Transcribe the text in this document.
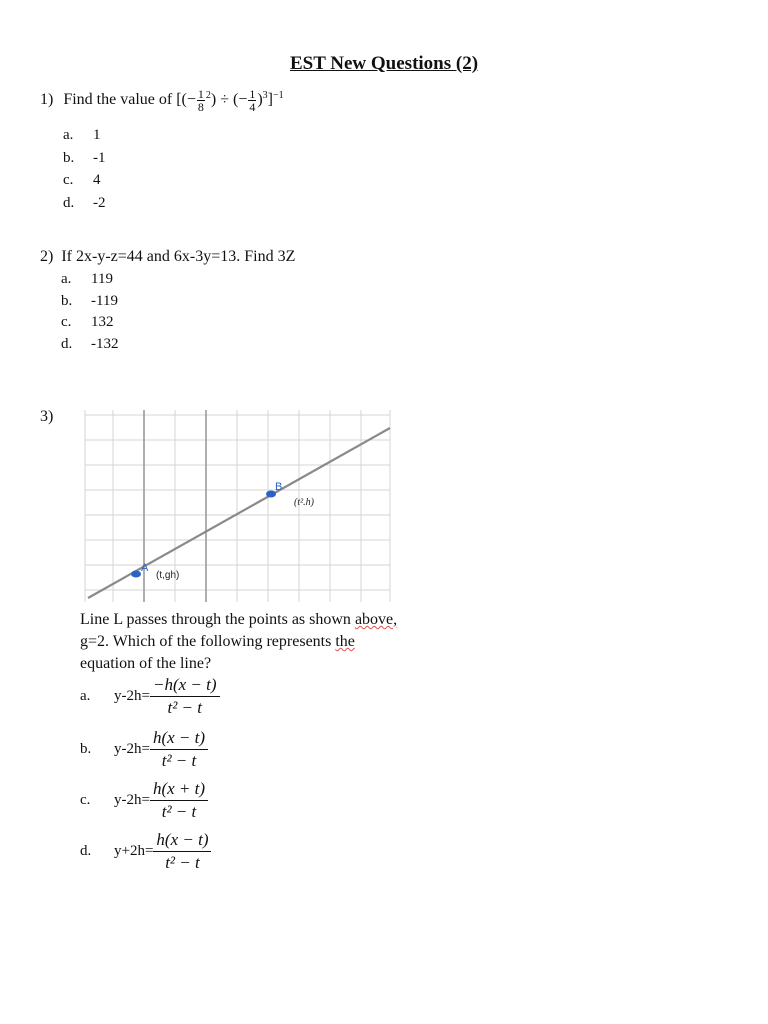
EST New Questions (2)
1) Find the value of [(− $\frac{1}{8} ^2$) ÷ (− $\frac{1}{4} )^3]^{-1}$
a. 1
b. -1
c. 4
d. -2
2) If 2x-y-z=44 and 6x-3y=13. Find 3Z
a. 119
b. -119
c. 132
d. -132
3)
A
B
(t,gh)
(t².h)
Line L passes through the points as shown above,
g=2. Which of the following represents the
equation of the line?
a.	$y-2h= \frac{-h(x - t)}{\text{t² − t}}$
b.	$y-2h= \frac{h(x - t)}{\text{t² − t}}$
c.	$y-2h= \frac{h(x + t)}{\text{t² − t}}$
d.	$y+2h= \frac{h(x - t)}{\text{t² − t}}$
